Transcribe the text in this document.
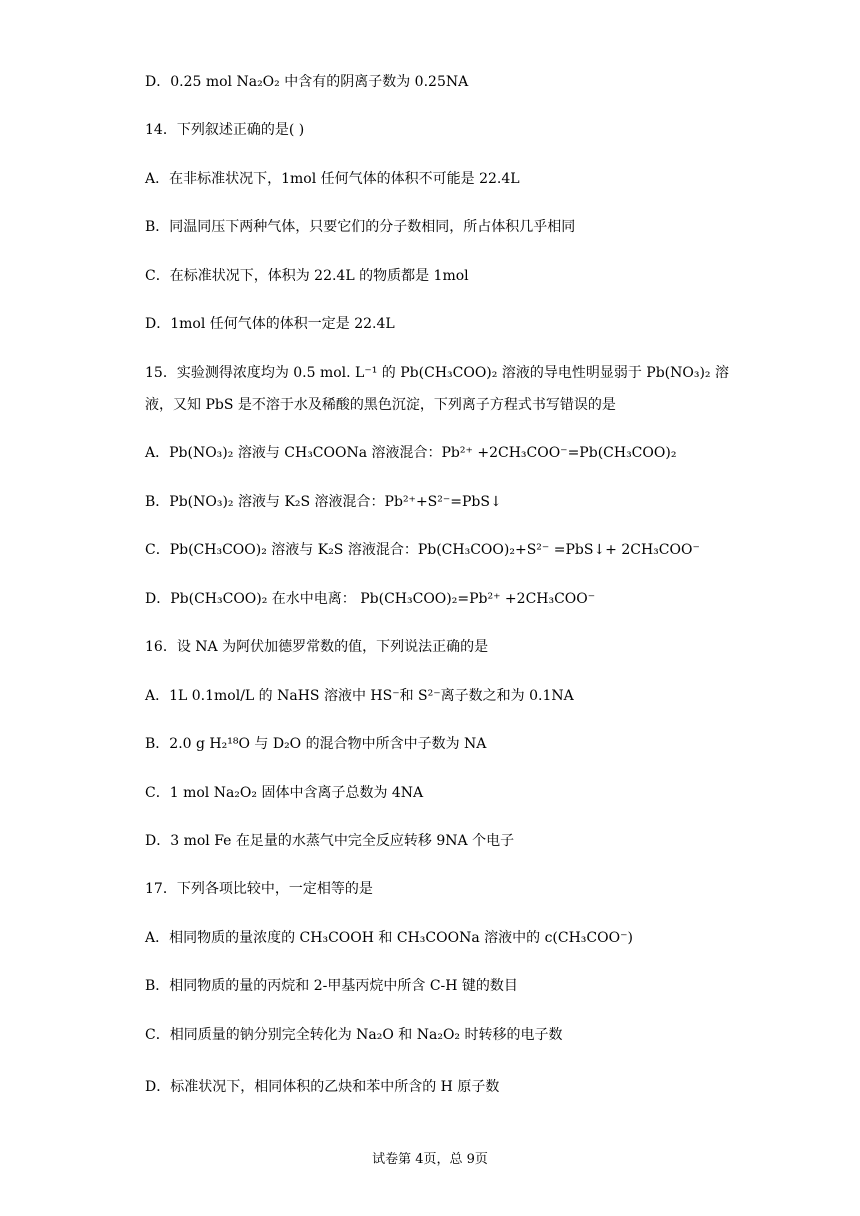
D．0.25 mol Na₂O₂ 中含有的阴离子数为 0.25NA
14．下列叙述正确的是( )
A．在非标准状况下，1mol 任何气体的体积不可能是 22.4L
B．同温同压下两种气体，只要它们的分子数相同，所占体积几乎相同
C．在标准状况下，体积为 22.4L 的物质都是 1mol
D．1mol 任何气体的体积一定是 22.4L
15．实验测得浓度均为 0.5 mol. L⁻¹ 的 Pb(CH₃COO)₂ 溶液的导电性明显弱于 Pb(NO₃)₂ 溶
液，又知 PbS 是不溶于水及稀酸的黑色沉淀，下列离子方程式书写错误的是
A．Pb(NO₃)₂ 溶液与 CH₃COONa 溶液混合：Pb²⁺ +2CH₃COO⁻=Pb(CH₃COO)₂
B．Pb(NO₃)₂ 溶液与 K₂S 溶液混合：Pb²⁺+S²⁻=PbS↓
C．Pb(CH₃COO)₂ 溶液与 K₂S 溶液混合：Pb(CH₃COO)₂+S²⁻ =PbS↓+ 2CH₃COO⁻
D．Pb(CH₃COO)₂ 在水中电离： Pb(CH₃COO)₂=Pb²⁺ +2CH₃COO⁻
16．设 NA 为阿伏加德罗常数的值，下列说法正确的是
A．1L 0.1mol/L 的 NaHS 溶液中 HS⁻和 S²⁻离子数之和为 0.1NA
B．2.0 g H₂¹⁸O 与 D₂O 的混合物中所含中子数为 NA
C．1 mol Na₂O₂ 固体中含离子总数为 4NA
D．3 mol Fe 在足量的水蒸气中完全反应转移 9NA 个电子
17．下列各项比较中，一定相等的是
A．相同物质的量浓度的 CH₃COOH 和 CH₃COONa 溶液中的 c(CH₃COO⁻)
B．相同物质的量的丙烷和 2-甲基丙烷中所含 C-H 键的数目
C．相同质量的钠分别完全转化为 Na₂O 和 Na₂O₂ 时转移的电子数
D．标准状况下，相同体积的乙炔和苯中所含的 H 原子数
试卷第 4页，总 9页
